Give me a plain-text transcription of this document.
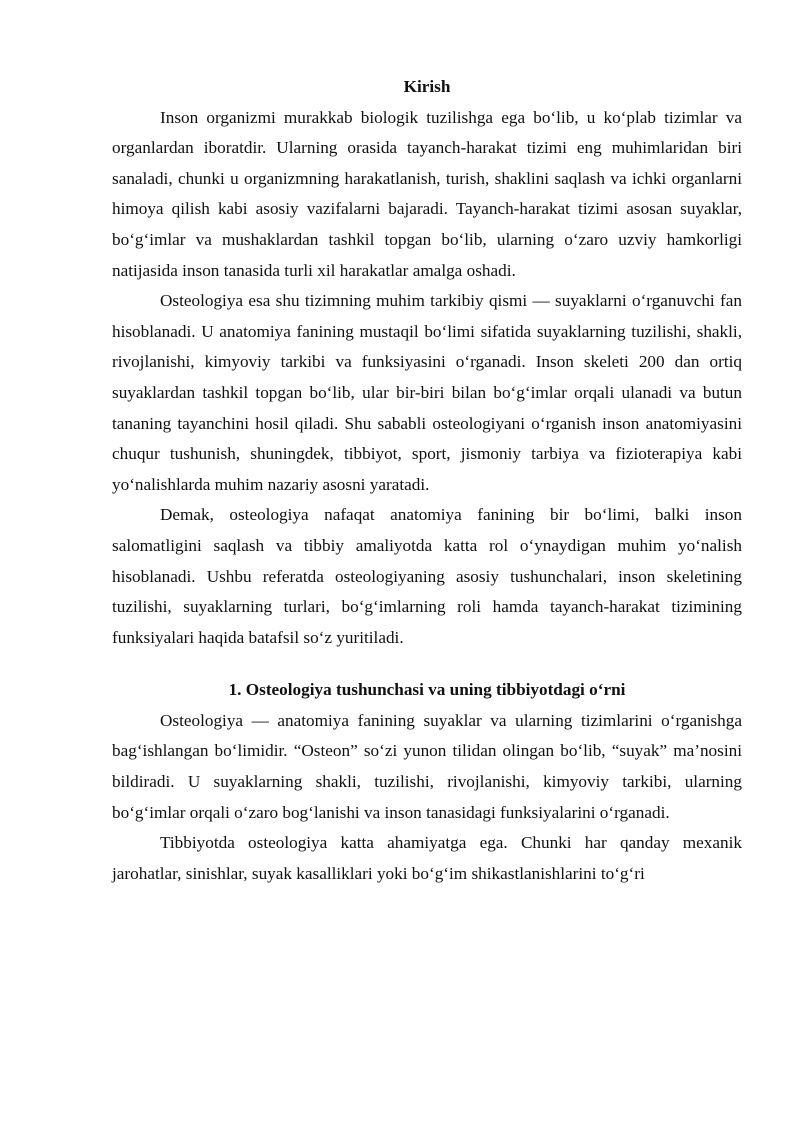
Kirish

Inson organizmi murakkab biologik tuzilishga ega bo‘lib, u ko‘plab tizimlar va organlardan iboratdir. Ularning orasida tayanch-harakat tizimi eng muhimlaridan biri sanaladi, chunki u organizmning harakatlanish, turish, shaklini saqlash va ichki organlarni himoya qilish kabi asosiy vazifalarni bajaradi. Tayanch-harakat tizimi asosan suyaklar, bo‘g‘imlar va mushaklardan tashkil topgan bo‘lib, ularning o‘zaro uzviy hamkorligi natijasida inson tanasida turli xil harakatlar amalga oshadi.

Osteologiya esa shu tizimning muhim tarkibiy qismi — suyaklarni o‘rganuvchi fan hisoblanadi. U anatomiya fanining mustaqil bo‘limi sifatida suyaklarning tuzilishi, shakli, rivojlanishi, kimyoviy tarkibi va funksiyasini o‘rganadi. Inson skeleti 200 dan ortiq suyaklardan tashkil topgan bo‘lib, ular bir-biri bilan bo‘g‘imlar orqali ulanadi va butun tananing tayanchini hosil qiladi. Shu sababli osteologiyani o‘rganish inson anatomiyasini chuqur tushunish, shuningdek, tibbiyot, sport, jismoniy tarbiya va fizioterapiya kabi yo‘nalishlarda muhim nazariy asosni yaratadi.

Demak, osteologiya nafaqat anatomiya fanining bir bo‘limi, balki inson salomatligini saqlash va tibbiy amaliyotda katta rol o‘ynaydigan muhim yo‘nalish hisoblanadi. Ushbu referatda osteologiyaning asosiy tushunchalari, inson skeletining tuzilishi, suyaklarning turlari, bo‘g‘imlarning roli hamda tayanch-harakat tizimining funksiyalari haqida batafsil so‘z yuritiladi.

1. Osteologiya tushunchasi va uning tibbiyotdagi o‘rni

Osteologiya — anatomiya fanining suyaklar va ularning tizimlarini o‘rganishga bag‘ishlangan bo‘limidir. “Osteon” so‘zi yunon tilidan olingan bo‘lib, “suyak” ma’nosini bildiradi. U suyaklarning shakli, tuzilishi, rivojlanishi, kimyoviy tarkibi, ularning bo‘g‘imlar orqali o‘zaro bog‘lanishi va inson tanasidagi funksiyalarini o‘rganadi.

Tibbiyotda osteologiya katta ahamiyatga ega. Chunki har qanday mexanik jarohatlar, sinishlar, suyak kasalliklari yoki bo‘g‘im shikastlanishlarini to‘g‘ri
